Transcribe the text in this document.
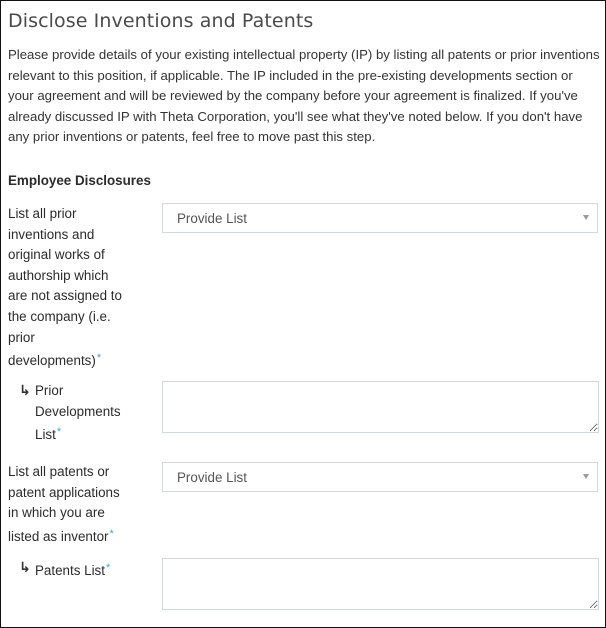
Disclose Inventions and Patents

Please provide details of your existing intellectual property (IP) by listing all patents or prior inventions relevant to this position, if applicable. The IP included in the pre-existing developments section or your agreement and will be reviewed by the company before your agreement is finalized. If you've already discussed IP with Theta Corporation, you'll see what they've noted below. If you don't have any prior inventions or patents, feel free to move past this step.

Employee Disclosures
List all prior
inventions and
original works of
authorship which
are not assigned to
the company (i.e.
prior
developments)*
Provide List
↳ Prior
Developments
List*
List all patents or
patent applications
in which you are
listed as inventor*
Provide List
↳ Patents List*
